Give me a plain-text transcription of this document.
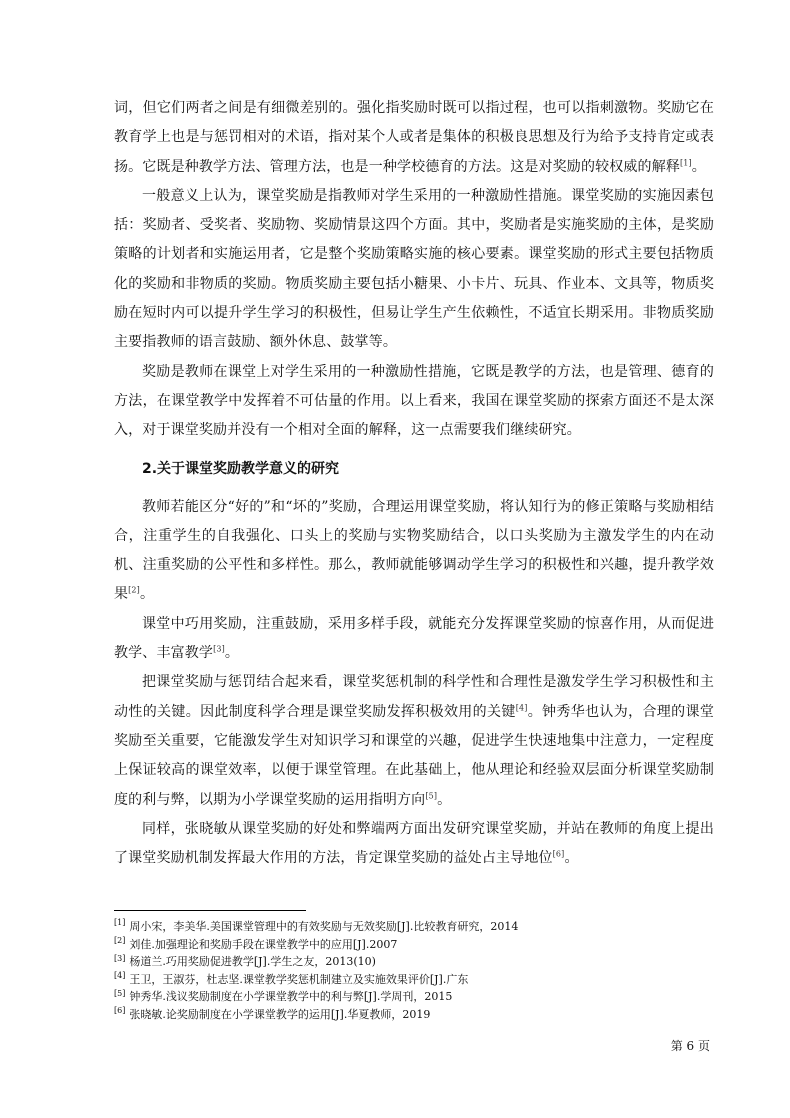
词，但它们两者之间是有细微差别的。强化指奖励时既可以指过程，也可以指刺激物。奖励它在教育学上也是与惩罚相对的术语，指对某个人或者是集体的积极良思想及行为给予支持肯定或表扬。它既是种教学方法、管理方法，也是一种学校德育的方法。这是对奖励的较权威的解释[1]。

一般意义上认为，课堂奖励是指教师对学生采用的一种激励性措施。课堂奖励的实施因素包括：奖励者、受奖者、奖励物、奖励情景这四个方面。其中，奖励者是实施奖励的主体，是奖励策略的计划者和实施运用者，它是整个奖励策略实施的核心要素。课堂奖励的形式主要包括物质化的奖励和非物质的奖励。物质奖励主要包括小糖果、小卡片、玩具、作业本、文具等，物质奖励在短时内可以提升学生学习的积极性，但易让学生产生依赖性，不适宜长期采用。非物质奖励主要指教师的语言鼓励、额外休息、鼓掌等。

奖励是教师在课堂上对学生采用的一种激励性措施，它既是教学的方法，也是管理、德育的方法，在课堂教学中发挥着不可估量的作用。以上看来，我国在课堂奖励的探索方面还不是太深入，对于课堂奖励并没有一个相对全面的解释，这一点需要我们继续研究。

2.关于课堂奖励教学意义的研究

教师若能区分“好的”和“坏的”奖励，合理运用课堂奖励，将认知行为的修正策略与奖励相结合，注重学生的自我强化、口头上的奖励与实物奖励结合，以口头奖励为主激发学生的内在动机、注重奖励的公平性和多样性。那么，教师就能够调动学生学习的积极性和兴趣，提升教学效果[2]。

课堂中巧用奖励，注重鼓励，采用多样手段，就能充分发挥课堂奖励的惊喜作用，从而促进教学、丰富教学[3]。

把课堂奖励与惩罚结合起来看，课堂奖惩机制的科学性和合理性是激发学生学习积极性和主动性的关键。因此制度科学合理是课堂奖励发挥积极效用的关键[4]。钟秀华也认为，合理的课堂奖励至关重要，它能激发学生对知识学习和课堂的兴趣，促进学生快速地集中注意力，一定程度上保证较高的课堂效率，以便于课堂管理。在此基础上，他从理论和经验双层面分析课堂奖励制度的利与弊，以期为小学课堂奖励的运用指明方向[5]。

同样，张晓敏从课堂奖励的好处和弊端两方面出发研究课堂奖励，并站在教师的角度上提出了课堂奖励机制发挥最大作用的方法，肯定课堂奖励的益处占主导地位[6]。

[1] 周小宋，李美华.美国课堂管理中的有效奖励与无效奖励[J].比较教育研究，2014
[2] 刘佳.加强理论和奖励手段在课堂教学中的应用[J].2007
[3] 杨道兰.巧用奖励促进教学[J].学生之友，2013(10)
[4] 王卫，王淑芬，杜志坚.课堂教学奖惩机制建立及实施效果评价[J].广东
[5] 钟秀华.浅议奖励制度在小学课堂教学中的利与弊[J].学周刊，2015
[6] 张晓敏.论奖励制度在小学课堂教学的运用[J].华夏教师，2019
第 6 页
